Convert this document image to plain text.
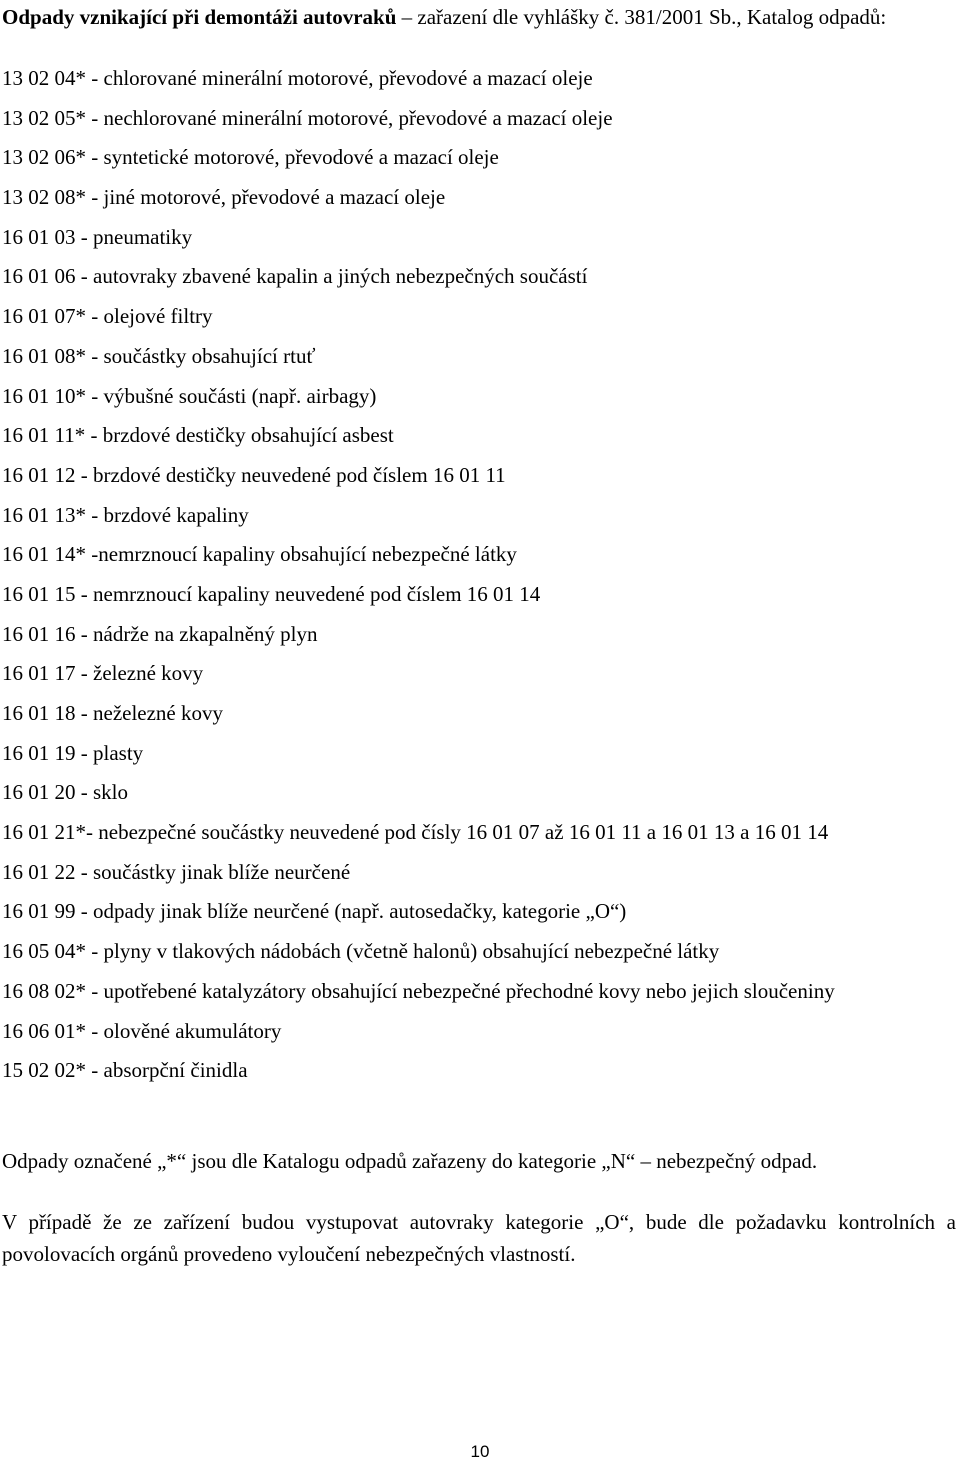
Odpady vznikající při demontáži autovraků – zařazení dle vyhlášky č. 381/2001 Sb., Katalog odpadů:

13 02 04* - chlorované minerální motorové, převodové a mazací oleje
13 02 05* - nechlorované minerální motorové, převodové a mazací oleje
13 02 06* - syntetické motorové, převodové a mazací oleje
13 02 08* - jiné motorové, převodové a mazací oleje
16 01 03 - pneumatiky
16 01 06 - autovraky zbavené kapalin a jiných nebezpečných součástí
16 01 07* - olejové filtry
16 01 08* - součástky obsahující rtuť
16 01 10* - výbušné součásti (např. airbagy)
16 01 11* - brzdové destičky obsahující asbest
16 01 12 - brzdové destičky neuvedené pod číslem 16 01 11
16 01 13* - brzdové kapaliny
16 01 14* -nemrznoucí kapaliny obsahující nebezpečné látky
16 01 15 - nemrznoucí kapaliny neuvedené pod číslem 16 01 14
16 01 16 - nádrže na zkapalněný plyn
16 01 17 - železné kovy
16 01 18 - neželezné kovy
16 01 19 - plasty
16 01 20 - sklo
16 01 21*- nebezpečné součástky neuvedené pod čísly 16 01 07 až 16 01 11 a 16 01 13 a 16 01 14
16 01 22 - součástky jinak blíže neurčené
16 01 99 - odpady jinak blíže neurčené (např. autosedačky, kategorie „O“)
16 05 04* - plyny v tlakových nádobách (včetně halonů) obsahující nebezpečné látky
16 08 02* - upotřebené katalyzátory obsahující nebezpečné přechodné kovy nebo jejich sloučeniny
16 06 01* - olověné akumulátory
15 02 02* - absorpční činidla

Odpady označené „*“ jsou dle Katalogu odpadů zařazeny do kategorie „N“ – nebezpečný odpad.

V případě že ze zařízení budou vystupovat autovraky kategorie „O“, bude dle požadavku kontrolních a povolovacích orgánů provedeno vyloučení nebezpečných vlastností.

10
